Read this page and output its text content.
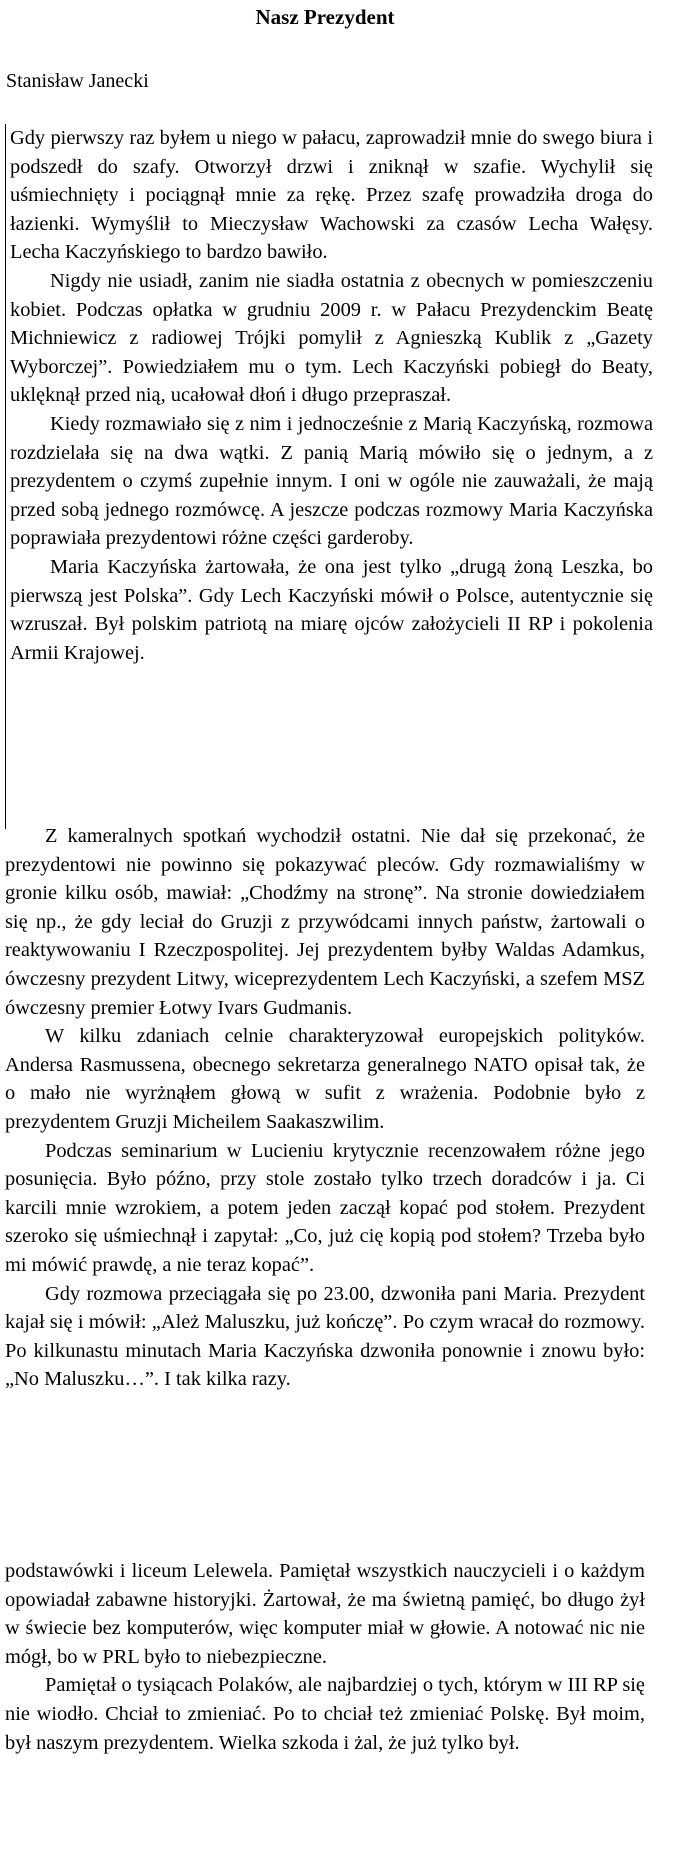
Nasz Prezydent
Stanisław Janecki

Gdy pierwszy raz byłem u niego w pałacu, zaprowadził mnie do swego biura i podszedł do szafy. Otworzył drzwi i zniknął w szafie. Wychylił się uśmiechnięty i pociągnął mnie za rękę. Przez szafę prowadziła droga do łazienki. Wymyślił to Mieczysław Wachowski za czasów Lecha Wałęsy. Lecha Kaczyńskiego to bardzo bawiło.

Nigdy nie usiadł, zanim nie siadła ostatnia z obecnych w pomieszczeniu kobiet. Podczas opłatka w grudniu 2009 r. w Pałacu Prezydenckim Beatę Michniewicz z radiowej Trójki pomylił z Agnieszką Kublik z „Gazety Wyborczej”. Powiedziałem mu o tym. Lech Kaczyński pobiegł do Beaty, uklęknął przed nią, ucałował dłoń i długo przepraszał.

Kiedy rozmawiało się z nim i jednocześnie z Marią Kaczyńską, rozmowa rozdzielała się na dwa wątki. Z panią Marią mówiło się o jednym, a z prezydentem o czymś zupełnie innym. I oni w ogóle nie zauważali, że mają przed sobą jednego rozmówcę. A jeszcze podczas rozmowy Maria Kaczyńska poprawiała prezydentowi różne części garderoby.

Maria Kaczyńska żartowała, że ona jest tylko „drugą żoną Leszka, bo pierwszą jest Polska”. Gdy Lech Kaczyński mówił o Polsce, autentycznie się wzruszał. Był polskim patriotą na miarę ojców założycieli II RP i pokolenia Armii Krajowej.

Z kameralnych spotkań wychodził ostatni. Nie dał się przekonać, że prezydentowi nie powinno się pokazywać pleców. Gdy rozmawialiśmy w gronie kilku osób, mawiał: „Chodźmy na stronę”. Na stronie dowiedziałem się np., że gdy leciał do Gruzji z przywódcami innych państw, żartowali o reaktywowaniu I Rzeczpospolitej. Jej prezydentem byłby Waldas Adamkus, ówczesny prezydent Litwy, wiceprezydentem Lech Kaczyński, a szefem MSZ ówczesny premier Łotwy Ivars Gudmanis.

W kilku zdaniach celnie charakteryzował europejskich polityków. Andersa Rasmussena, obecnego sekretarza generalnego NATO opisał tak, że o mało nie wyrżnąłem głową w sufit z wrażenia. Podobnie było z prezydentem Gruzji Micheilem Saakaszwilim.

Podczas seminarium w Lucieniu krytycznie recenzowałem różne jego posunięcia. Było późno, przy stole zostało tylko trzech doradców i ja. Ci karcili mnie wzrokiem, a potem jeden zaczął kopać pod stołem. Prezydent szeroko się uśmiechnął i zapytał: „Co, już cię kopią pod stołem? Trzeba było mi mówić prawdę, a nie teraz kopać”.

Gdy rozmowa przeciągała się po 23.00, dzwoniła pani Maria. Prezydent kajał się i mówił: „Ależ Maluszku, już kończę”. Po czym wracał do rozmowy. Po kilkunastu minutach Maria Kaczyńska dzwoniła ponownie i znowu było: „No Maluszku…”. I tak kilka razy.

podstawówki i liceum Lelewela. Pamiętał wszystkich nauczycieli i o każdym opowiadał zabawne historyjki. Żartował, że ma świetną pamięć, bo długo żył w świecie bez komputerów, więc komputer miał w głowie. A notować nic nie mógł, bo w PRL było to niebezpieczne.

Pamiętał o tysiącach Polaków, ale najbardziej o tych, którym w III RP się nie wiodło. Chciał to zmieniać. Po to chciał też zmieniać Polskę. Był moim, był naszym prezydentem. Wielka szkoda i żal, że już tylko był.
